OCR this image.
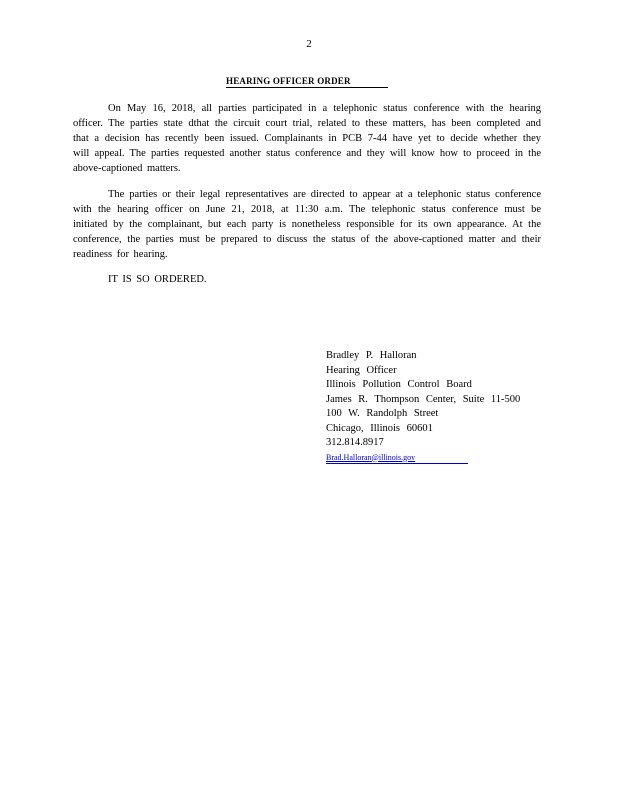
2
HEARING OFFICER ORDER
On May 16, 2018, all parties participated in a telephonic status conference with the hearing officer. The parties state dthat the circuit court trial, related to these matters, has been completed and that a decision has recently been issued. Complainants in PCB 7-44 have yet to decide whether they will appeal. The parties requested another status conference and they will know how to proceed in the above-captioned matters.
The parties or their legal representatives are directed to appear at a telephonic status conference with the hearing officer on June 21, 2018, at 11:30 a.m. The telephonic status conference must be initiated by the complainant, but each party is nonetheless responsible for its own appearance. At the conference, the parties must be prepared to discuss the status of the above-captioned matter and their readiness for hearing.
IT IS SO ORDERED.
Bradley P. Halloran
Hearing Officer
Illinois Pollution Control Board
James R. Thompson Center, Suite 11-500
100 W. Randolph Street
Chicago, Illinois 60601
312.814.8917
Brad.Halloran@illinois.gov
